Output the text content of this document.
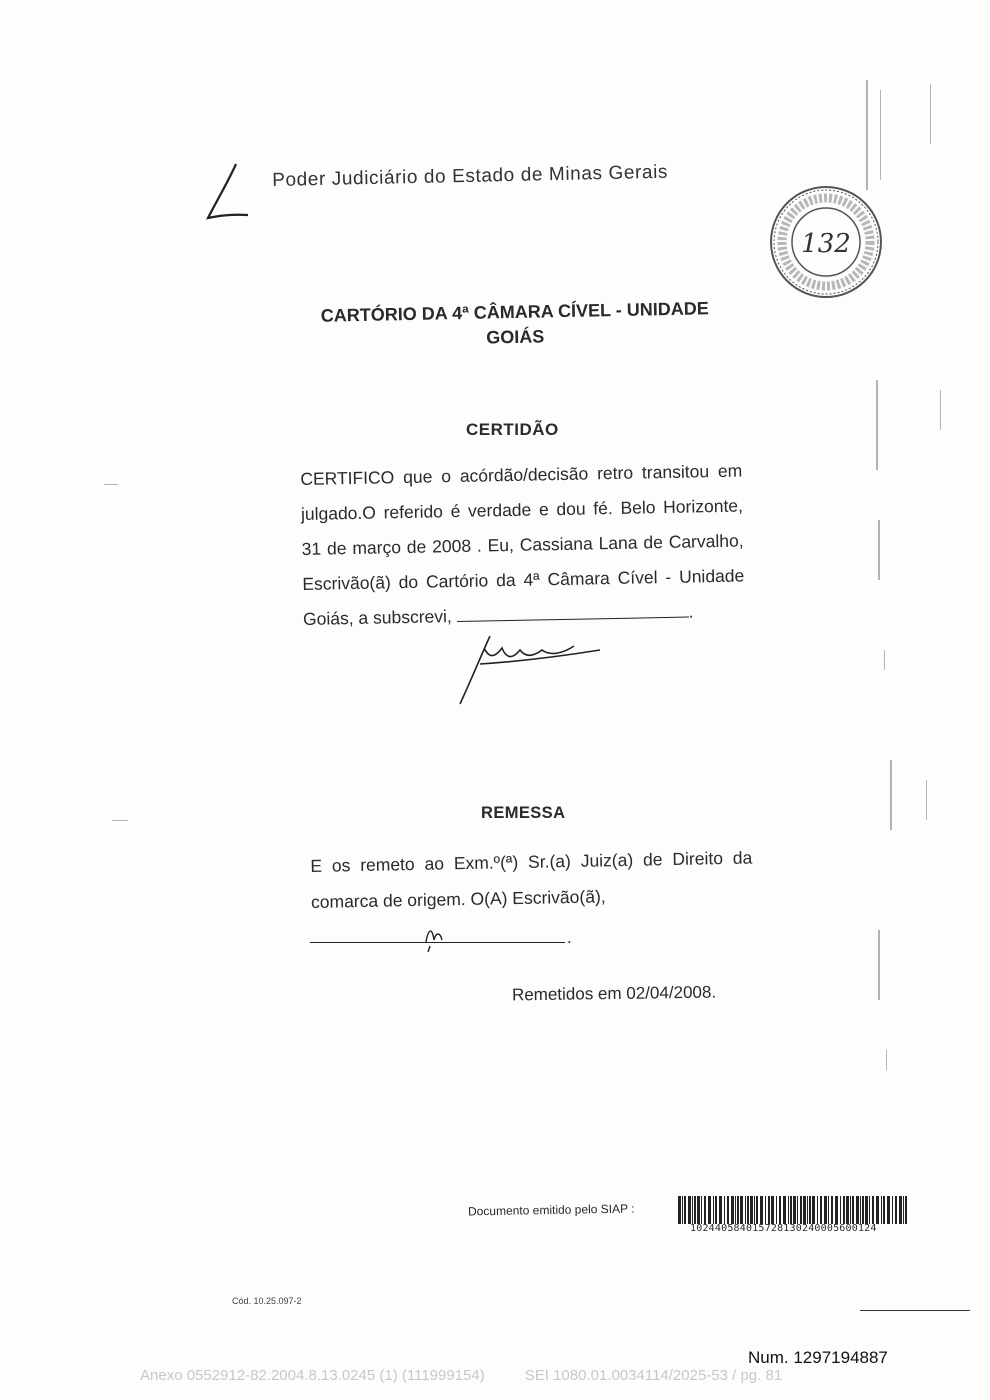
Poder Judiciário do Estado de Minas Gerais
132
CARTÓRIO DA 4ª CÂMARA CÍVEL - UNIDADE
GOIÁS
CERTIDÃO
CERTIFICO que o acórdão/decisão retro transitou em julgado.O referido é verdade e dou fé. Belo Horizonte, 31 de março de 2008 . Eu, Cassiana Lana de Carvalho, Escrivão(ã) do Cartório da 4ª Câmara Cível - Unidade Goiás, a subscrevi,	.
REMESSA
E os remeto ao Exm.º(ª) Sr.(a) Juiz(a) de Direito da comarca de origem. O(A) Escrivão(ã),
.
Remetidos em 02/04/2008.
Documento emitido pelo SIAP :
102440584015728130240005600124
Cód. 10.25.097-2
Num. 1297194887
Anexo 0552912-82.2004.8.13.0245 (1) (111999154)	SEI 1080.01.0034114/2025-53 / pg. 81
